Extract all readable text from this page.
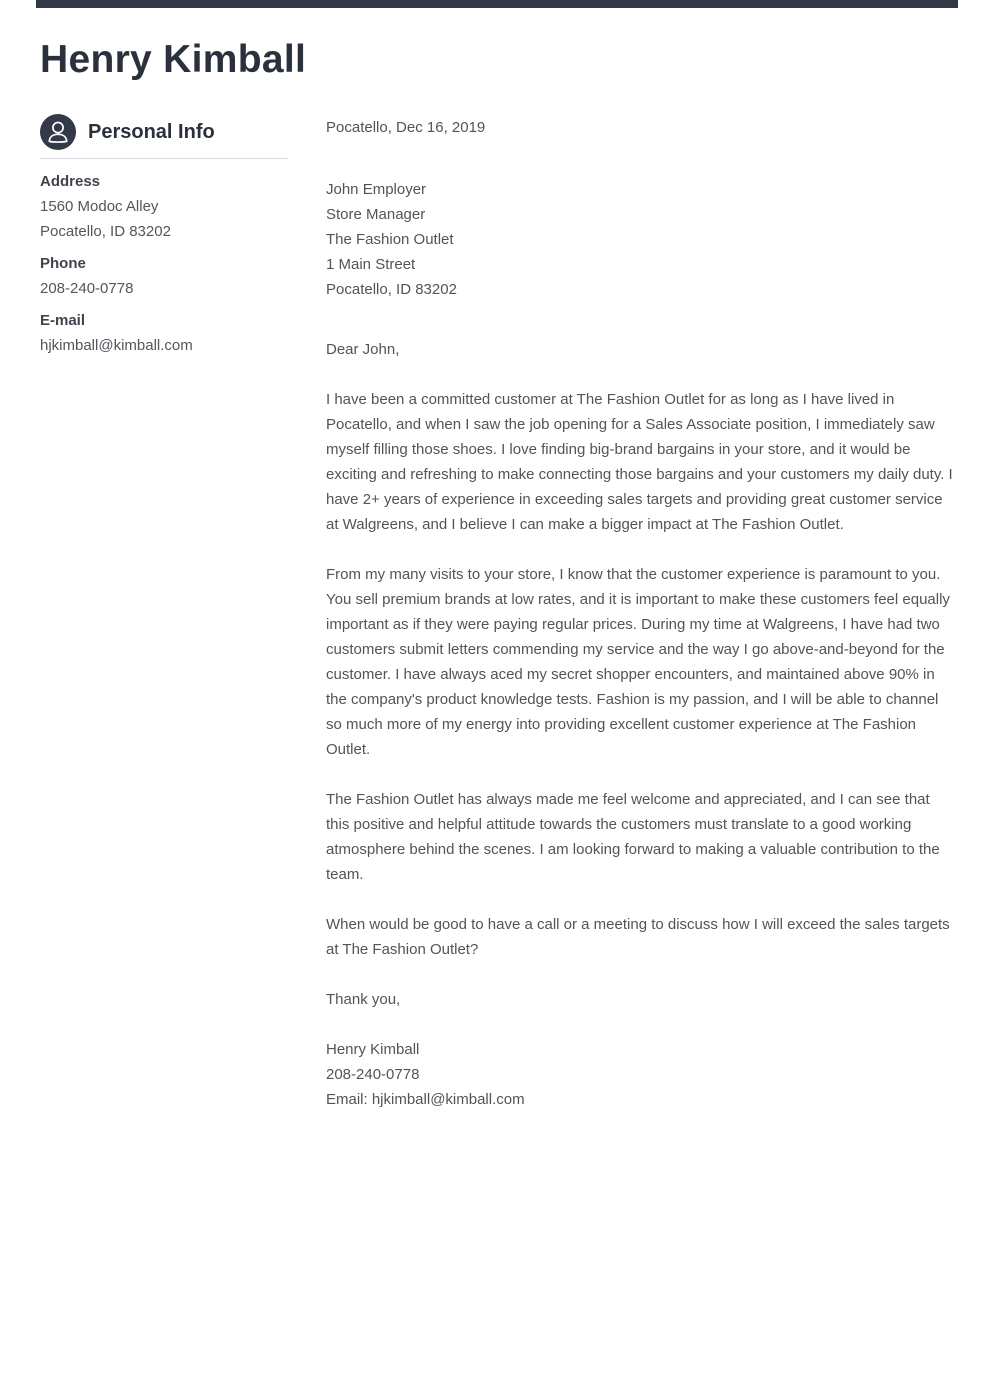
Henry Kimball
Personal Info
Address
1560 Modoc Alley
Pocatello, ID 83202
Phone
208-240-0778
E-mail
hjkimball@kimball.com
Pocatello, Dec 16, 2019
John Employer
Store Manager
The Fashion Outlet
1 Main Street
Pocatello, ID 83202
Dear John,

I have been a committed customer at The Fashion Outlet for as long as I have lived in Pocatello, and when I saw the job opening for a Sales Associate position, I immediately saw myself filling those shoes. I love finding big-brand bargains in your store, and it would be exciting and refreshing to make connecting those bargains and your customers my daily duty. I have 2+ years of experience in exceeding sales targets and providing great customer service at Walgreens, and I believe I can make a bigger impact at The Fashion Outlet.

From my many visits to your store, I know that the customer experience is paramount to you. You sell premium brands at low rates, and it is important to make these customers feel equally important as if they were paying regular prices. During my time at Walgreens, I have had two customers submit letters commending my service and the way I go above-and-beyond for the customer. I have always aced my secret shopper encounters, and maintained above 90% in the company's product knowledge tests. Fashion is my passion, and I will be able to channel so much more of my energy into providing excellent customer experience at The Fashion Outlet.

The Fashion Outlet has always made me feel welcome and appreciated, and I can see that this positive and helpful attitude towards the customers must translate to a good working atmosphere behind the scenes. I am looking forward to making a valuable contribution to the team.

When would be good to have a call or a meeting to discuss how I will exceed the sales targets at The Fashion Outlet?

Thank you,
Henry Kimball
208-240-0778
Email: hjkimball@kimball.com
